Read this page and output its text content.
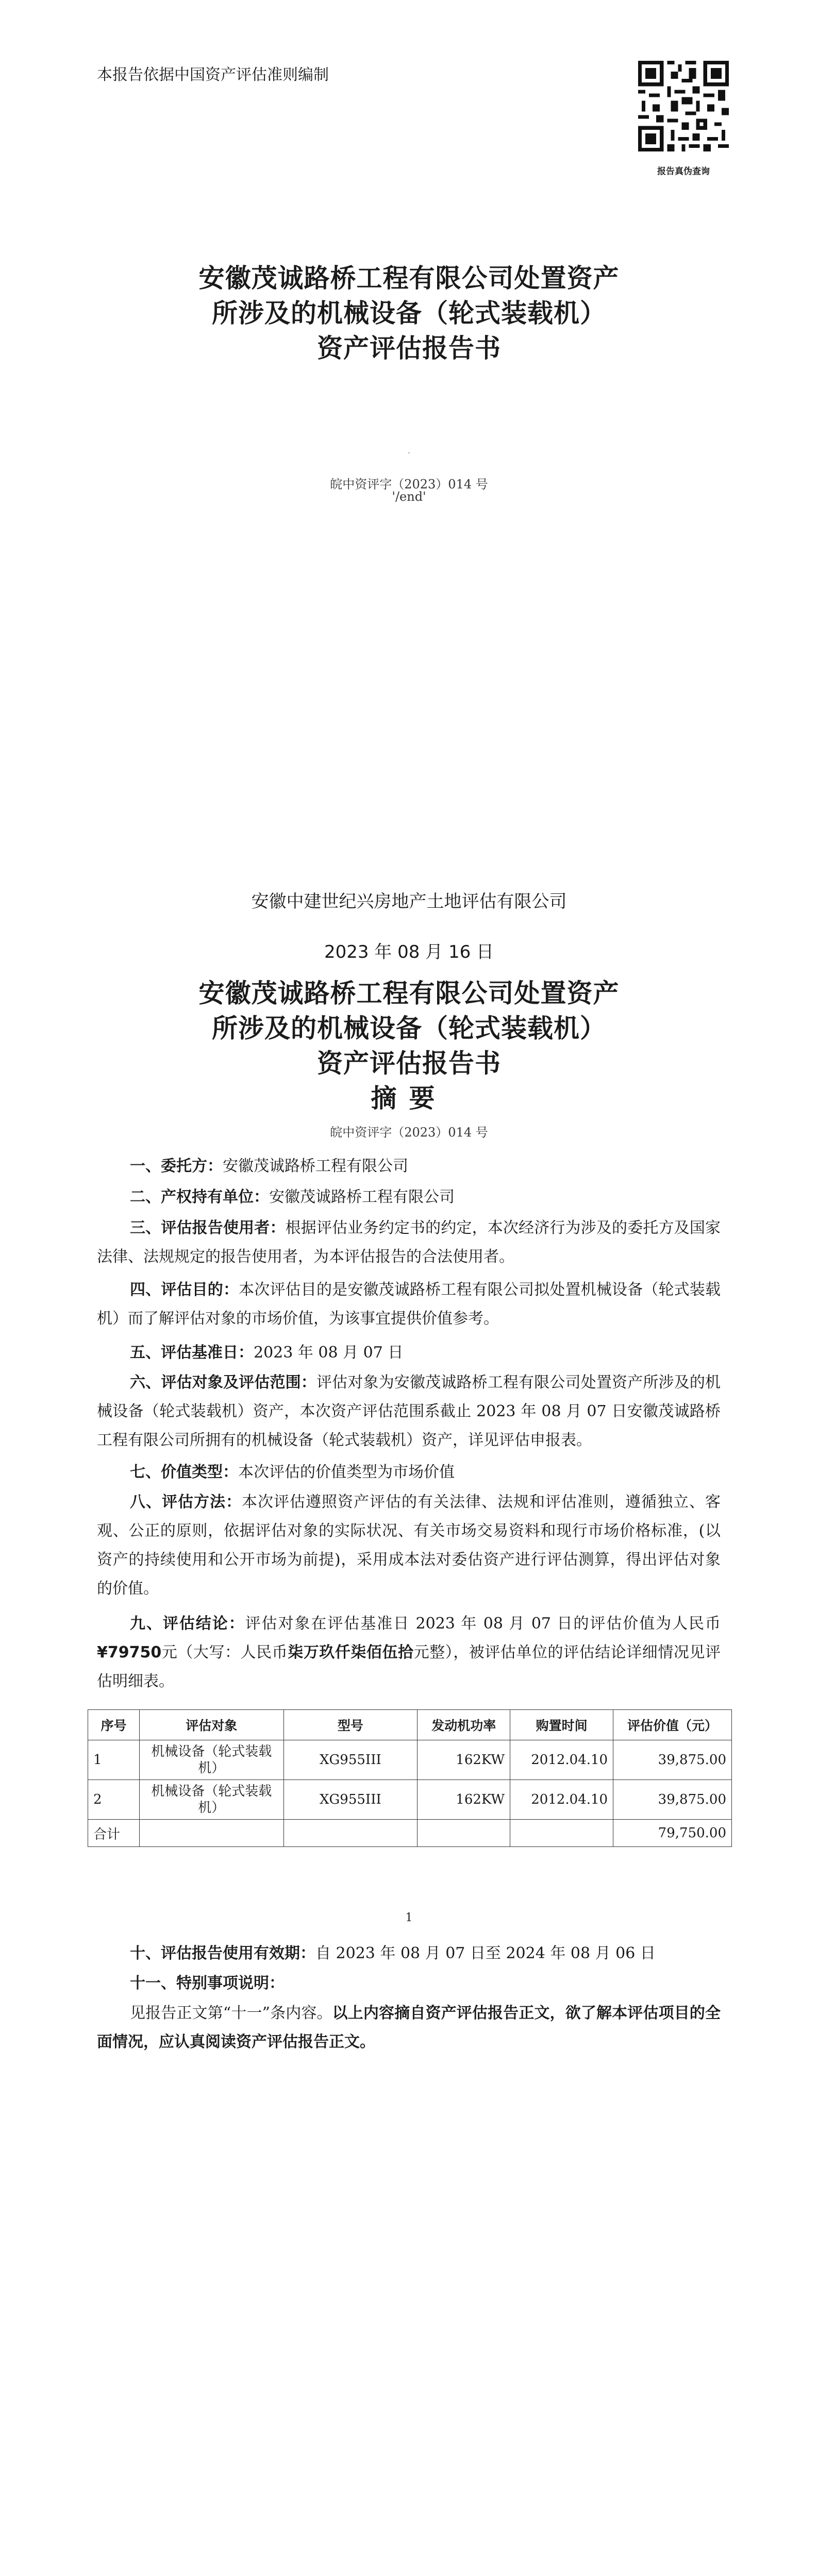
本报告依据中国资产评估准则编制
报告真伪查询
安徽茂诚路桥工程有限公司处置资产
所涉及的机械设备（轮式装载机）
资产评估报告书
.
皖中资评字（2023）014 号
'/end'
安徽中建世纪兴房地产土地评估有限公司
2023 年 08 月 16 日
安徽茂诚路桥工程有限公司处置资产
所涉及的机械设备（轮式装载机）
资产评估报告书
摘要
皖中资评字（2023）014 号
一、委托方：安徽茂诚路桥工程有限公司
二、产权持有单位：安徽茂诚路桥工程有限公司
三、评估报告使用者：根据评估业务约定书的约定，本次经济行为涉及的委托方及国家法律、法规规定的报告使用者，为本评估报告的合法使用者。
四、评估目的：本次评估目的是安徽茂诚路桥工程有限公司拟处置机械设备（轮式装载机）而了解评估对象的市场价值，为该事宜提供价值参考。
五、评估基准日：2023 年 08 月 07 日
六、评估对象及评估范围：评估对象为安徽茂诚路桥工程有限公司处置资产所涉及的机械设备（轮式装载机）资产，本次资产评估范围系截止 2023 年 08 月 07 日安徽茂诚路桥工程有限公司所拥有的机械设备（轮式装载机）资产，详见评估申报表。
七、价值类型：本次评估的价值类型为市场价值
八、评估方法：本次评估遵照资产评估的有关法律、法规和评估准则，遵循独立、客观、公正的原则，依据评估对象的实际状况、有关市场交易资料和现行市场价格标准，(以资产的持续使用和公开市场为前提)，采用成本法对委估资产进行评估测算，得出评估对象的价值。
九、评估结论：评估对象在评估基准日 2023 年 08 月 07 日的评估价值为人民币¥79750元（大写：人民币柒万玖仟柒佰伍拾元整），被评估单位的评估结论详细情况见评估明细表。
序号	评估对象	型号	发动机功率	购置时间	评估价值（元）
1	机械设备（轮式装载机）	XG955III	162KW	2012.04.10	39,875.00
2	机械设备（轮式装载机）	XG955III	162KW	2012.04.10	39,875.00
合计					79,750.00
1
十、评估报告使用有效期：自 2023 年 08 月 07 日至 2024 年 08 月 06 日
十一、特别事项说明：
见报告正文第“十一”条内容。以上内容摘自资产评估报告正文，欲了解本评估项目的全面情况，应认真阅读资产评估报告正文。
